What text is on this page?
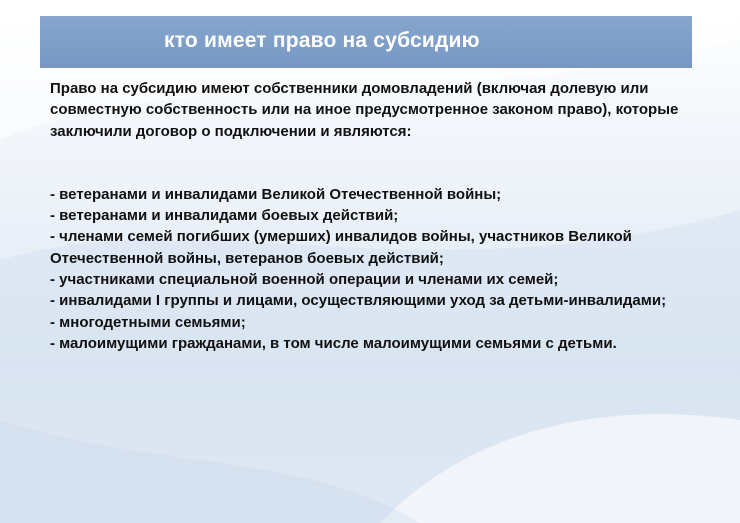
кто имеет право на субсидию

Право на субсидию имеют собственники домовладений (включая долевую или совместную собственность или на иное предусмотренное законом право), которые заключили договор о подключении и являются:

- ветеранами и инвалидами Великой Отечественной войны;
- ветеранами и инвалидами боевых действий;
- членами семей погибших (умерших) инвалидов войны, участников Великой Отечественной войны, ветеранов боевых действий;
- участниками специальной военной операции и членами их семей;
- инвалидами I группы и лицами, осуществляющими уход за детьми-инвалидами;
- многодетными семьями;
- малоимущими гражданами, в том числе малоимущими семьями с детьми.
